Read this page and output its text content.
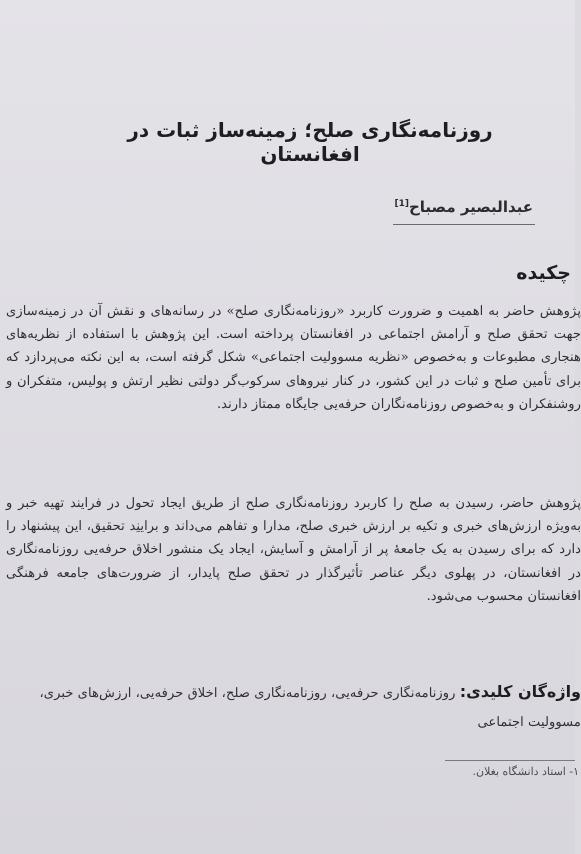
روزنامه‌نگاری صلح؛ زمینه‌ساز ثبات در افغانستان
عبدالبصیر مصباح[1]
چکیده
پژوهش حاضر به اهمیت و ضرورت کاربرد «روزنامه‌نگاری صلح» در رسانه‌های و نقش آن در زمینه‌سازی جهت تحقق صلح و آرامش اجتماعی در افغانستان پرداخته است. این پژوهش با استفاده از نظریه‌های هنجاری مطبوعات و به‌خصوص «نظریه مسوولیت اجتماعی» شکل گرفته است، به این نکته می‌پردازد که برای تأمین صلح و ثبات در این کشور، در کنار نیروهای سرکوب‌گر دولتی نظیر ارتش و پولیس، متفکران و روشنفکران و به‌خصوص روزنامه‌نگاران حرفه‌یی جایگاه ممتاز دارند.
پژوهش حاضر، رسیدن به صلح را کاربرد روزنامه‌نگاری صلح از طریق ایجاد تحول در فرایند تهیه خبر و به‌ویژه ارزش‌های خبری و تکیه بر ارزش خبری صلح، مدارا و تفاهم می‌داند و براینِد تحقیق، این پیشنهاد را دارد که برای رسیدن به یک جامعهٔ پر از آرامش و آسایش، ایجاد یک منشور اخلاق حرفه‌یی روزنامه‌نگاری در افغانستان، در پهلوی دیگر عناصر تأثیرگذار در تحقق صلح پایدار، از ضرورت‌های جامعه فرهنگی افغانستان محسوب می‌شود.
واژه‌گان کلیدی: روزنامه‌نگاری حرفه‌یی، روزنامه‌نگاری صلح، اخلاق حرفه‌یی، ارزش‌های خبری، مسوولیت اجتماعی
۱- استاد دانشگاه بغلان.
